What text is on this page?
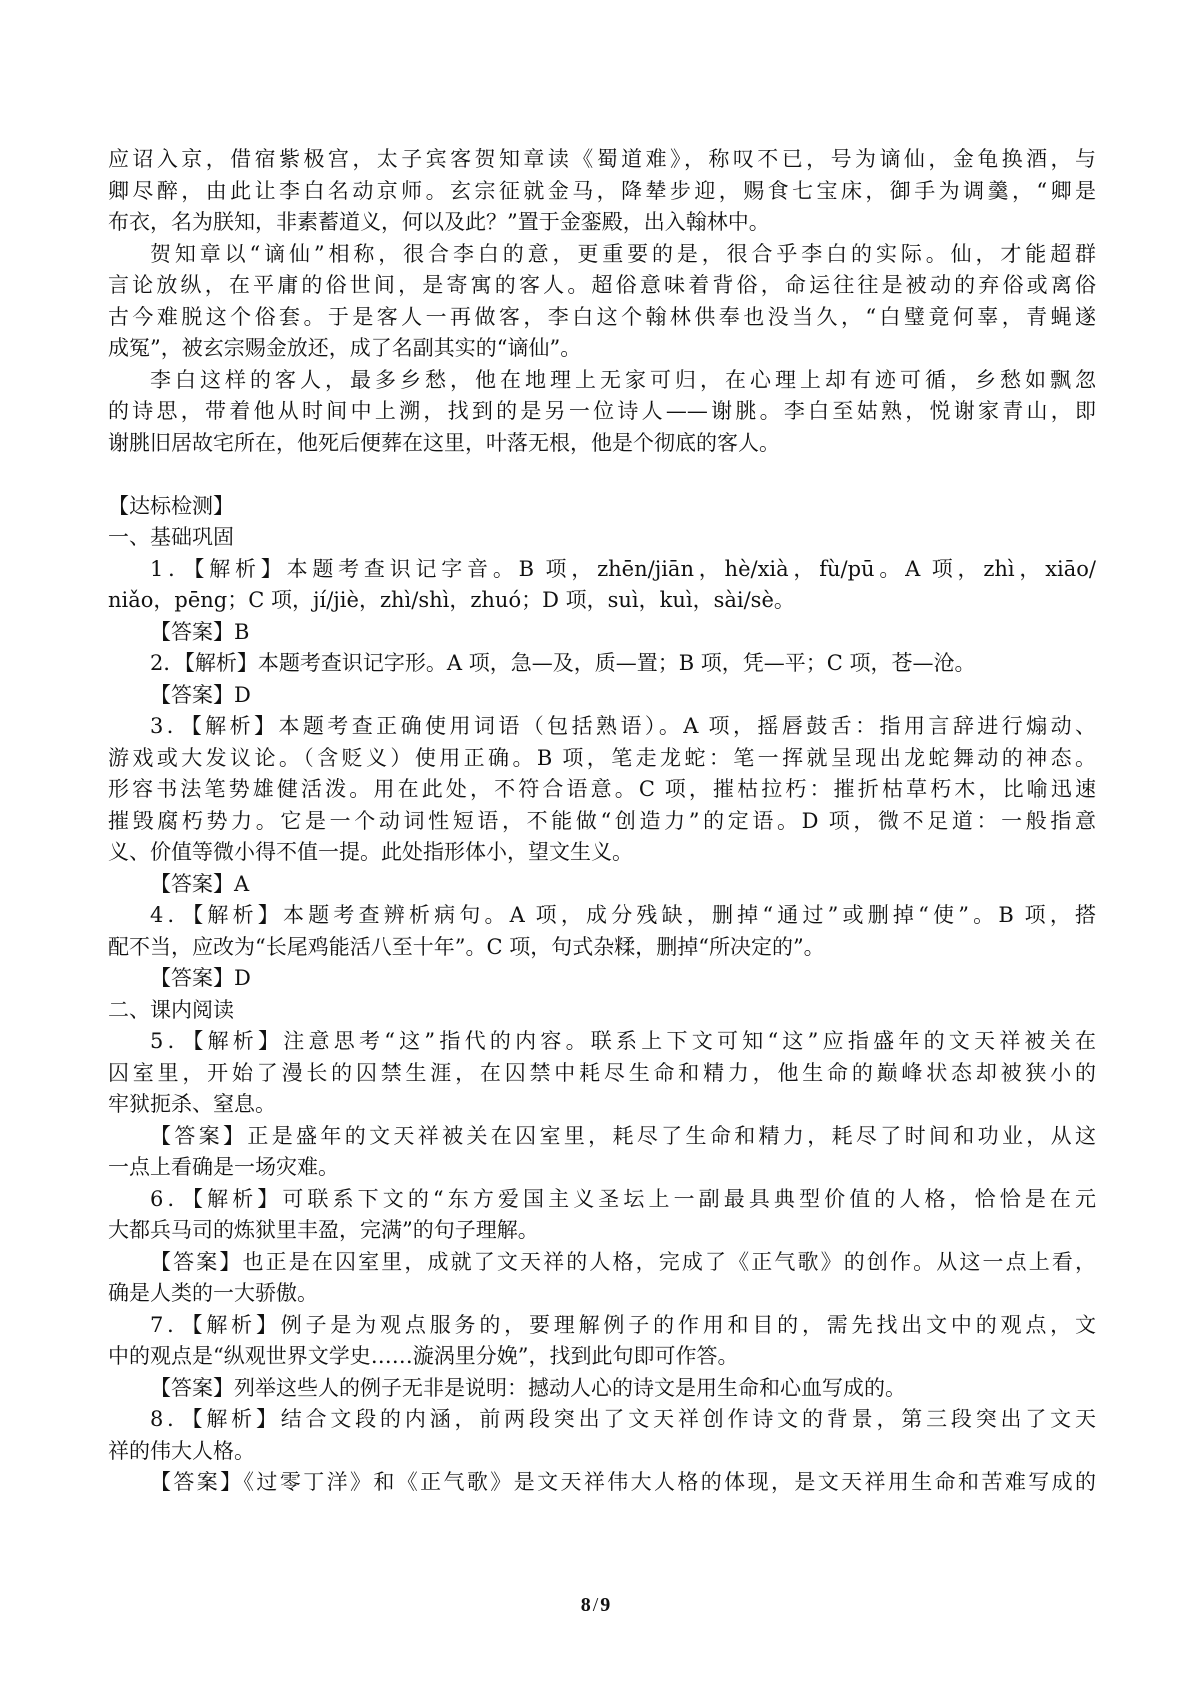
应诏入京，借宿紫极宫，太子宾客贺知章读《蜀道难》，称叹不已，号为谪仙，金龟换酒，与
卿尽醉，由此让李白名动京师。玄宗征就金马，降辇步迎，赐食七宝床，御手为调羹，“卿是
布衣，名为朕知，非素蓄道义，何以及此？”置于金銮殿，出入翰林中。
贺知章以“谪仙”相称，很合李白的意，更重要的是，很合乎李白的实际。仙，才能超群
言论放纵，在平庸的俗世间，是寄寓的客人。超俗意味着背俗，命运往往是被动的弃俗或离俗
古今难脱这个俗套。于是客人一再做客，李白这个翰林供奉也没当久，“白璧竟何辜，青蝇遂
成冤”，被玄宗赐金放还，成了名副其实的“谪仙”。
李白这样的客人，最多乡愁，他在地理上无家可归，在心理上却有迹可循，乡愁如飘忽
的诗思，带着他从时间中上溯，找到的是另一位诗人——谢朓。李白至姑熟，悦谢家青山，即
谢朓旧居故宅所在，他死后便葬在这里，叶落无根，他是个彻底的客人。
【达标检测】
一、基础巩固
1．【解析】本题考查识记字音。B 项，zhēn/jiān，hè/xià，fù/pū。A 项，zhì，xiāo/
niǎo，pēng；C 项，jí/jiè，zhì/shì，zhuó；D 项，suì，kuì，sài/sè。
【答案】B
2．【解析】本题考查识记字形。A 项，急—及，质—置；B 项，凭—平；C 项，苍—沧。
【答案】D
3．【解析】本题考查正确使用词语（包括熟语）。A 项，摇唇鼓舌：指用言辞进行煽动、
游戏或大发议论。（含贬义）使用正确。B 项，笔走龙蛇：笔一挥就呈现出龙蛇舞动的神态。
形容书法笔势雄健活泼。用在此处，不符合语意。C 项，摧枯拉朽：摧折枯草朽木，比喻迅速
摧毁腐朽势力。它是一个动词性短语，不能做“创造力”的定语。D 项，微不足道：一般指意
义、价值等微小得不值一提。此处指形体小，望文生义。
【答案】A
4．【解析】本题考查辨析病句。A 项，成分残缺，删掉“通过”或删掉“使”。B 项，搭
配不当，应改为“长尾鸡能活八至十年”。C 项，句式杂糅，删掉“所决定的”。
【答案】D
二、课内阅读
5．【解析】注意思考“这”指代的内容。联系上下文可知“这”应指盛年的文天祥被关在
囚室里，开始了漫长的囚禁生涯，在囚禁中耗尽生命和精力，他生命的巅峰状态却被狭小的
牢狱扼杀、窒息。
【答案】正是盛年的文天祥被关在囚室里，耗尽了生命和精力，耗尽了时间和功业，从这
一点上看确是一场灾难。
6．【解析】可联系下文的“东方爱国主义圣坛上一副最具典型价值的人格，恰恰是在元
大都兵马司的炼狱里丰盈，完满”的句子理解。
【答案】也正是在囚室里，成就了文天祥的人格，完成了《正气歌》的创作。从这一点上看，
确是人类的一大骄傲。
7．【解析】例子是为观点服务的，要理解例子的作用和目的，需先找出文中的观点，文
中的观点是“纵观世界文学史……漩涡里分娩”，找到此句即可作答。
【答案】列举这些人的例子无非是说明：撼动人心的诗文是用生命和心血写成的。
8．【解析】结合文段的内涵，前两段突出了文天祥创作诗文的背景，第三段突出了文天
祥的伟大人格。
【答案】《过零丁洋》和《正气歌》是文天祥伟大人格的体现，是文天祥用生命和苦难写成的
8 / 9
